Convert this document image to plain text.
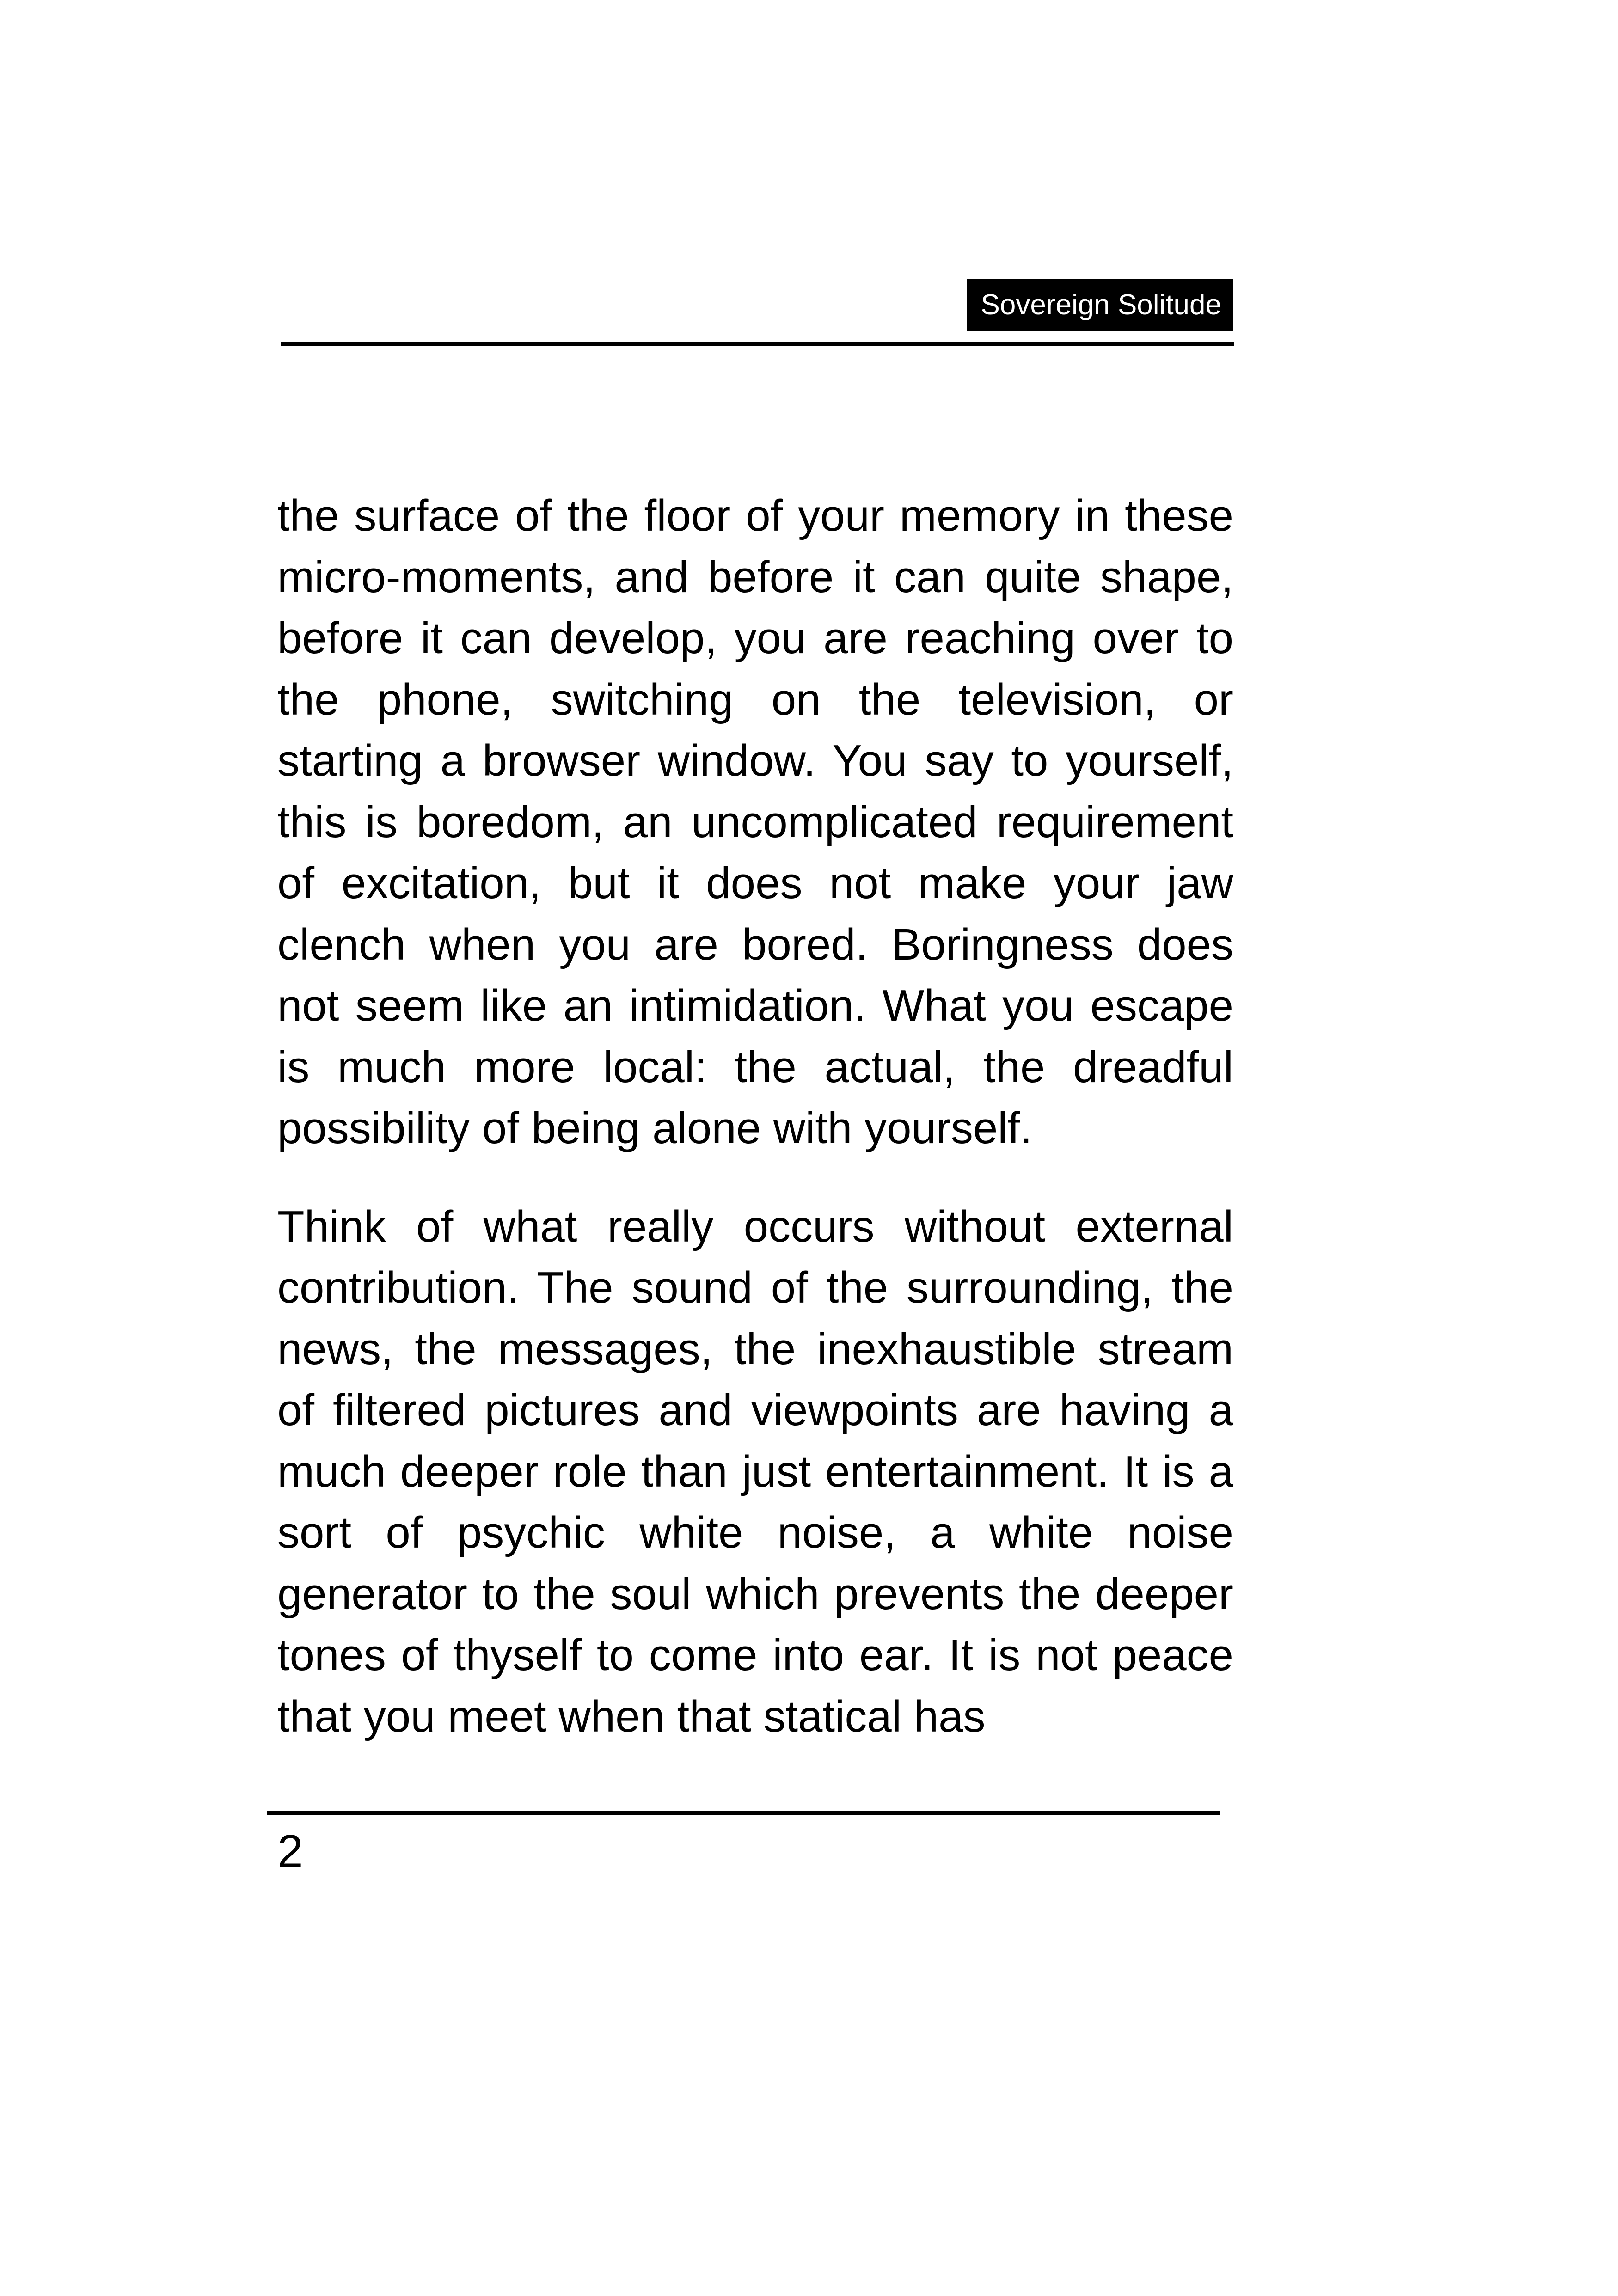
Sovereign Solitude

the surface of the floor of your memory in these micro-moments, and before it can quite shape, before it can develop, you are reaching over to the phone, switching on the television, or starting a browser window. You say to yourself, this is boredom, an uncomplicated requirement of excitation, but it does not make your jaw clench when you are bored. Boringness does not seem like an intimidation. What you escape is much more local: the actual, the dreadful possibility of being alone with yourself.

Think of what really occurs without external contribution. The sound of the surrounding, the news, the messages, the inexhaustible stream of filtered pictures and viewpoints are having a much deeper role than just entertainment. It is a sort of psychic white noise, a white noise generator to the soul which prevents the deeper tones of thyself to come into ear. It is not peace that you meet when that statical has

2
